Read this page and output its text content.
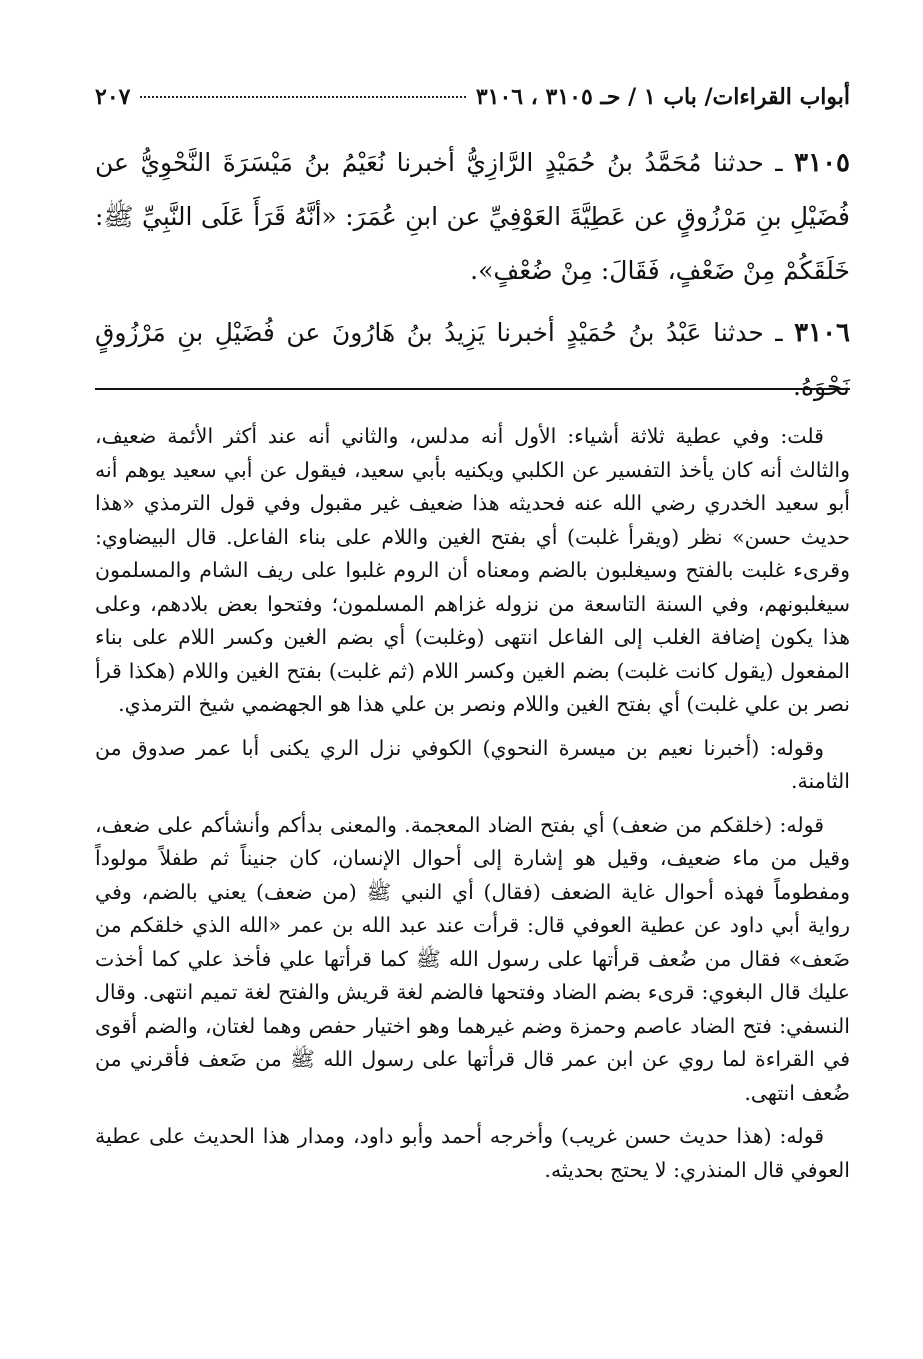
أبواب القراءات/ باب ١ / حـ ٣١٠٥ ، ٣١٠٦
٢٠٧

٣١٠٥ ـ حدثنا مُحَمَّدُ بنُ حُمَيْدٍ الرَّازِيُّ أخبرنا نُعَيْمُ بنُ مَيْسَرَةَ النَّحْوِيُّ عن فُضَيْلِ بنِ مَرْزُوقٍ عن عَطِيَّةَ العَوْفِيِّ عن ابنِ عُمَرَ: «أنَّهُ قَرَأَ عَلَى النَّبِيِّ ﷺ: خَلَقَكُمْ مِنْ ضَعْفٍ، فَقَالَ: مِنْ ضُعْفٍ».

٣١٠٦ ـ حدثنا عَبْدُ بنُ حُمَيْدٍ أخبرنا يَزِيدُ بنُ هَارُونَ عن فُضَيْلِ بنِ مَرْزُوقٍ نَحْوَهُ.

قلت: وفي عطية ثلاثة أشياء: الأول أنه مدلس، والثاني أنه عند أكثر الأئمة ضعيف، والثالث أنه كان يأخذ التفسير عن الكلبي ويكنيه بأبي سعيد، فيقول عن أبي سعيد يوهم أنه أبو سعيد الخدري رضي الله عنه فحديثه هذا ضعيف غير مقبول وفي قول الترمذي «هذا حديث حسن» نظر (ويقرأ غلبت) أي بفتح الغين واللام على بناء الفاعل. قال البيضاوي: وقرىء غلبت بالفتح وسيغلبون بالضم ومعناه أن الروم غلبوا على ريف الشام والمسلمون سيغلبونهم، وفي السنة التاسعة من نزوله غزاهم المسلمون؛ وفتحوا بعض بلادهم، وعلى هذا يكون إضافة الغلب إلى الفاعل انتهى (وغلبت) أي بضم الغين وكسر اللام على بناء المفعول (يقول كانت غلبت) بضم الغين وكسر اللام (ثم غلبت) بفتح الغين واللام (هكذا قرأ نصر بن علي غلبت) أي بفتح الغين واللام ونصر بن علي هذا هو الجهضمي شيخ الترمذي.

وقوله: (أخبرنا نعيم بن ميسرة النحوي) الكوفي نزل الري يكنى أبا عمر صدوق من الثامنة.

قوله: (خلقكم من ضعف) أي بفتح الضاد المعجمة. والمعنى بدأكم وأنشأكم على ضعف، وقيل من ماء ضعيف، وقيل هو إشارة إلى أحوال الإنسان، كان جنيناً ثم طفلاً مولوداً ومفطوماً فهذه أحوال غاية الضعف (فقال) أي النبي ﷺ (من ضعف) يعني بالضم، وفي رواية أبي داود عن عطية العوفي قال: قرأت عند عبد الله بن عمر «الله الذي خلقكم من ضَعف» فقال من ضُعف قرأتها على رسول الله ﷺ كما قرأتها علي فأخذ علي كما أخذت عليك قال البغوي: قرىء بضم الضاد وفتحها فالضم لغة قريش والفتح لغة تميم انتهى. وقال النسفي: فتح الضاد عاصم وحمزة وضم غيرهما وهو اختيار حفص وهما لغتان، والضم أقوى في القراءة لما روي عن ابن عمر قال قرأتها على رسول الله ﷺ من ضَعف فأقرني من ضُعف انتهى.

قوله: (هذا حديث حسن غريب) وأخرجه أحمد وأبو داود، ومدار هذا الحديث على عطية العوفي قال المنذري: لا يحتج بحديثه.
